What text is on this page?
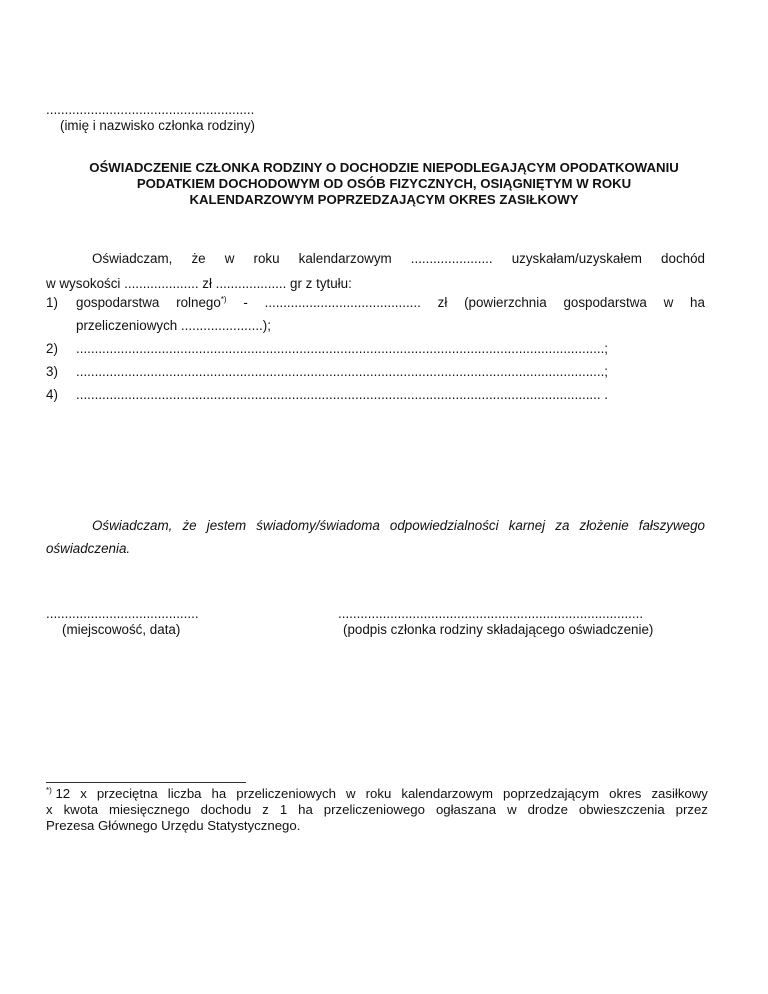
........................................................
(imię i nazwisko członka rodziny)
OŚWIADCZENIE CZŁONKA RODZINY O DOCHODZIE NIEPODLEGAJĄCYM OPODATKOWANIU
PODATKIEM DOCHODOWYM OD OSÓB FIZYCZNYCH, OSIĄGNIĘTYM W ROKU
KALENDARZOWYM POPRZEDZAJĄCYM OKRES ZASIŁKOWY
Oświadczam, że w roku kalendarzowym ...................... uzyskałam/uzyskałem dochód
w wysokości .................... zł ................... gr z tytułu:
1) gospodarstwa rolnego*) - .......................................... zł (powierzchnia gospodarstwa w ha
przeliczeniowych ......................);
2) ..............................................................................................................................................;
3) ..............................................................................................................................................;
4) ............................................................................................................................................. .
Oświadczam, że jestem świadomy/świadoma odpowiedzialności karnej za złożenie fałszywego
oświadczenia.
.........................................
(miejscowość, data)
..................................................................................
(podpis członka rodziny składającego oświadczenie)
*) 12 x przeciętna liczba ha przeliczeniowych w roku kalendarzowym poprzedzającym okres zasiłkowy
x kwota miesięcznego dochodu z 1 ha przeliczeniowego ogłaszana w drodze obwieszczenia przez
Prezesa Głównego Urzędu Statystycznego.
